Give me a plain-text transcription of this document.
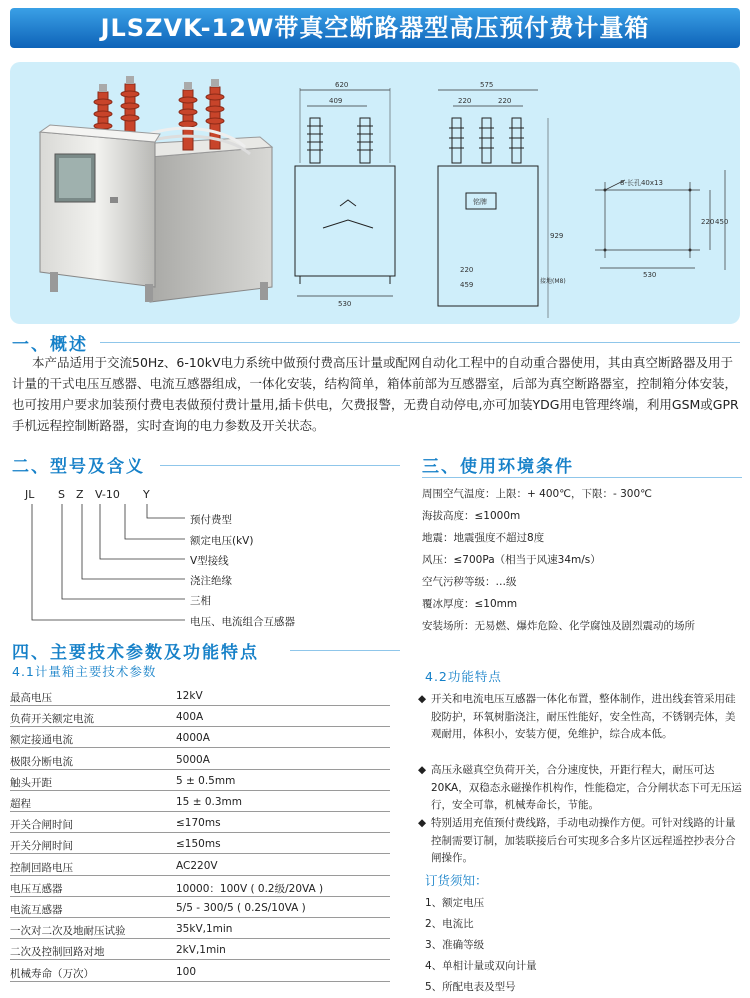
JLSZVK-12W带真空断路器型高压预付费计量箱
620
409
530
575
220	220
铭牌
929
220
459	接地(M8)
8-长孔40x13
220 450
530
一、概述
本产品适用于交流50Hz、6-10kV电力系统中做预付费高压计量或配网自动化工程中的自动重合器使用，其由真空断路器及用于计量的干式电压互感器、电流互感器组成，一体化安装，结构简单，箱体前部为互感器室，后部为真空断路器室，控制箱分体安装，也可按用户要求加装预付费电表做预付费计量用,插卡供电，欠费报警，无费自动停电,亦可加装YDG用电管理终端，利用GSM或GPR手机远程控制断路器，实时查询的电力参数及开关状态。
二、型号及含义
JL S Z V-10 Y
预付费型
额定电压(kV)
V型接线
浇注绝缘
三相
电压、电流组合互感器
三、使用环境条件
周围空气温度：上限：+ 400℃，下限：- 300℃
海拔高度：≤1000m
地震：地震强度不超过8度
风压：≤700Pa（相当于风速34m/s）
空气污秽等级：…级
覆冰厚度：≤10mm
安装场所：无易燃、爆炸危险、化学腐蚀及剧烈震动的场所
四、主要技术参数及功能特点
4.1计量箱主要技术参数
最高电压	12kV
负荷开关额定电流	400A
额定接通电流	4000A
极限分断电流	5000A
触头开距	5 ± 0.5mm
超程	15 ± 0.3mm
开关合闸时间	≤170ms
开关分闸时间	≤150ms
控制回路电压	AC220V
电压互感器	10000：100V ( 0.2级/20VA )
电流互感器	5/5 - 300/5 ( 0.2S/10VA )
一次对二次及地耐压试验	35kV,1min
二次及控制回路对地	2kV,1min
机械寿命（万次）	100
4.2功能特点
◆ 开关和电流电压互感器一体化布置，整体制作，进出线套管采用硅胶防护，环氧树脂浇注，耐压性能好，安全性高，不锈钢壳体，美观耐用，体积小，安装方便，免维护，综合成本低。
◆ 高压永磁真空负荷开关，合分速度快，开距行程大，耐压可达20KA，双稳态永磁操作机构作，性能稳定，合分闸状态下可无压运行，安全可靠，机械寿命长，节能。
◆ 特别适用充值预付费线路，手动电动操作方便。可针对线路的计量控制需要订制，加装联接后台可实现多合多片区远程遥控抄表分合闸操作。
订货须知：
1、额定电压
2、电流比
3、准确等级
4、单相计量或双向计量
5、所配电表及型号
